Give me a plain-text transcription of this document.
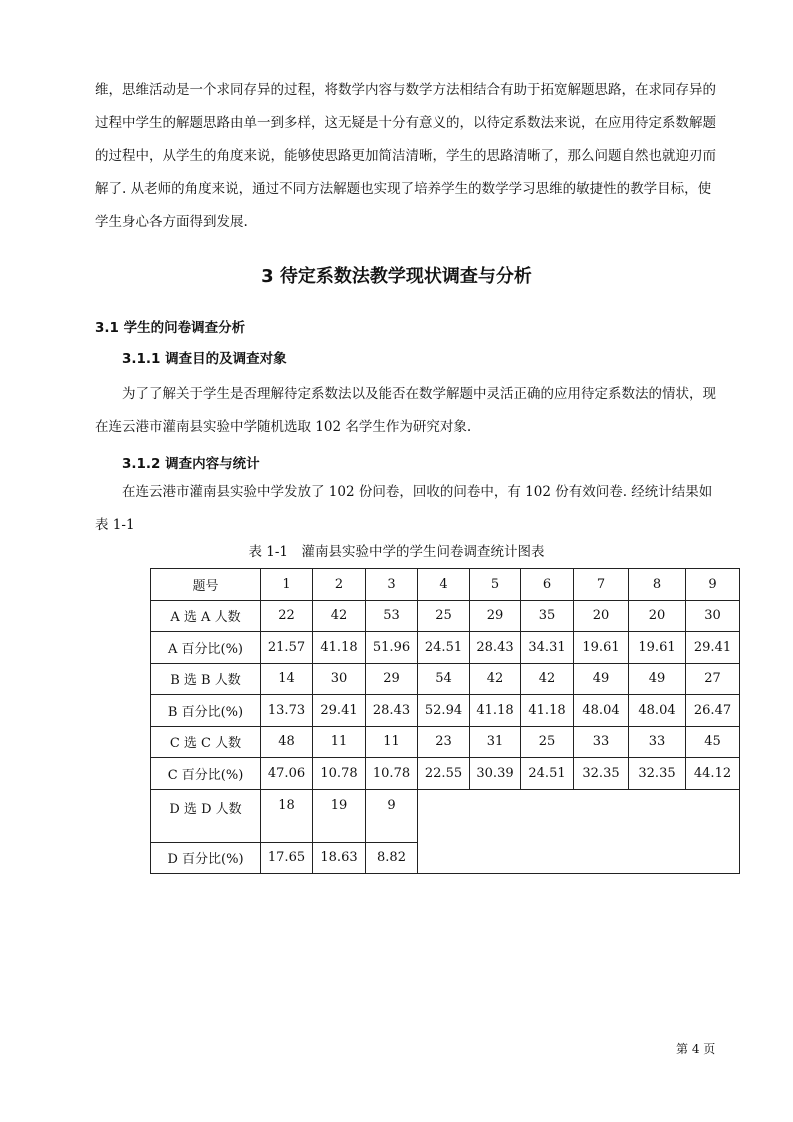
维，思维活动是一个求同存异的过程，将数学内容与数学方法相结合有助于拓宽解题思路，在求同存异的过程中学生的解题思路由单一到多样，这无疑是十分有意义的，以待定系数法来说，在应用待定系数解题的过程中，从学生的角度来说，能够使思路更加简洁清晰，学生的思路清晰了，那么问题自然也就迎刃而解了. 从老师的角度来说，通过不同方法解题也实现了培养学生的数学学习思维的敏捷性的教学目标，使学生身心各方面得到发展.

3 待定系数法教学现状调查与分析
3.1 学生的问卷调查分析
3.1.1 调查目的及调查对象

为了了解关于学生是否理解待定系数法以及能否在数学解题中灵活正确的应用待定系数法的情状，现在连云港市灌南县实验中学随机选取 102 名学生作为研究对象.

3.1.2 调查内容与统计

在连云港市灌南县实验中学发放了 102 份问卷，回收的问卷中，有 102 份有效问卷. 经统计结果如表 1-1

表 1-1　灌南县实验中学的学生问卷调查统计图表
题号	1	2	3	4	5	6	7	8	9
A 选 A 人数	22	42	53	25	29	35	20	20	30
A 百分比(%)	21.57	41.18	51.96	24.51	28.43	34.31	19.61	19.61	29.41
B 选 B 人数	14	30	29	54	42	42	49	49	27
B 百分比(%)	13.73	29.41	28.43	52.94	41.18	41.18	48.04	48.04	26.47
C 选 C 人数	48	11	11	23	31	25	33	33	45
C 百分比(%)	47.06	10.78	10.78	22.55	30.39	24.51	32.35	32.35	44.12
D 选 D 人数	18	19	9						
D 百分比(%)	17.65	18.63	8.82						
第 4 页
